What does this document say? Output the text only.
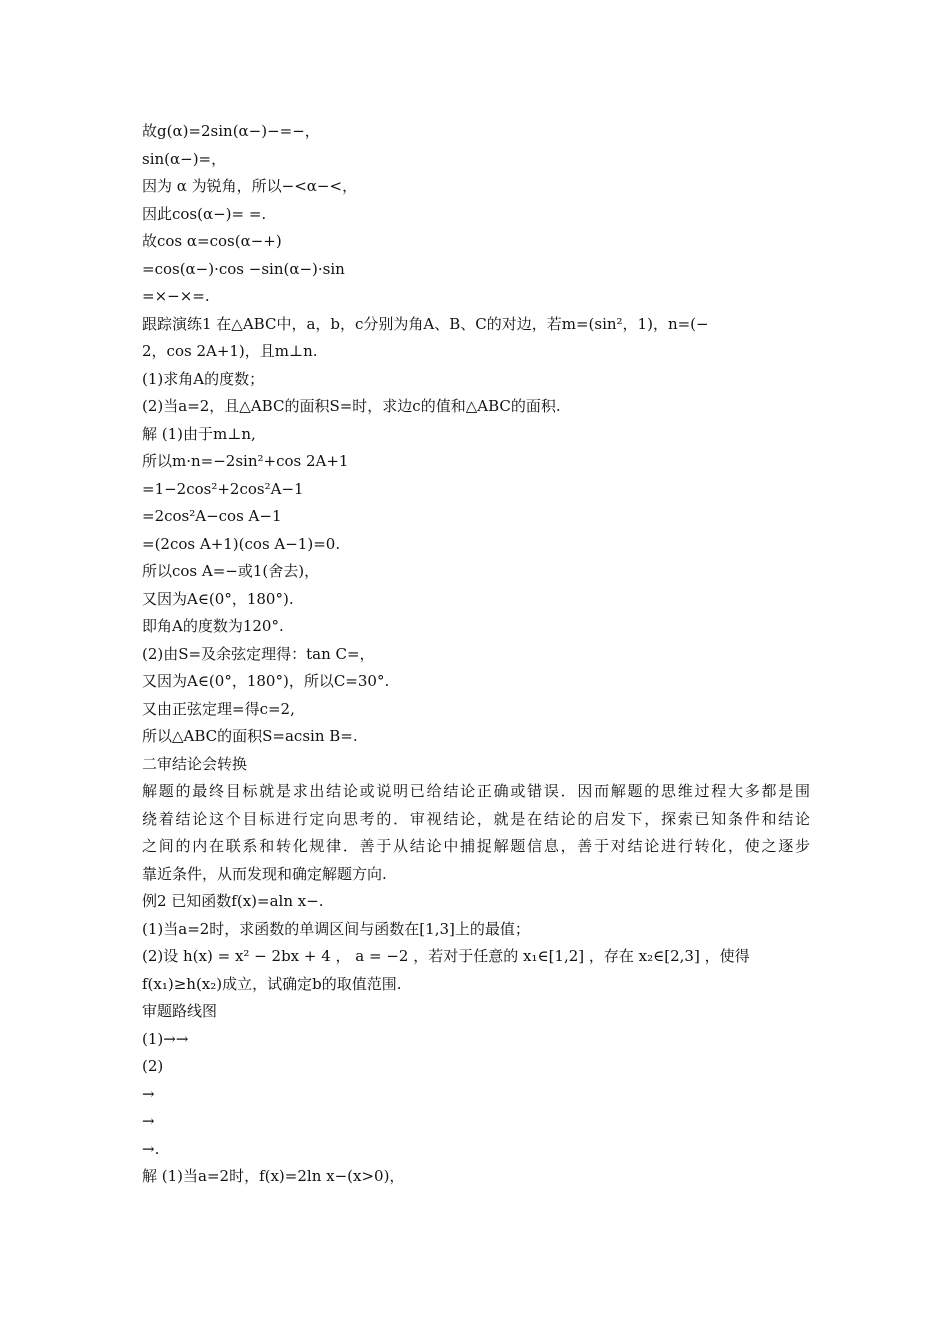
故g(α)=2sin(α−)−=−，
sin(α−)=，
因为 α 为锐角，所以−<α−<，
因此cos(α−)= =.
故cos α=cos(α−+)
=cos(α−)·cos −sin(α−)·sin
=×−×=.
跟踪演练1 在△ABC中，a，b，c分别为角A、B、C的对边，若m=(sin²，1)，n=(−
2，cos 2A+1)，且m⊥n.
(1)求角A的度数；
(2)当a=2，且△ABC的面积S=时，求边c的值和△ABC的面积.
解 (1)由于m⊥n,
所以m·n=−2sin²+cos 2A+1
=1−2cos²+2cos²A−1
=2cos²A−cos A−1
=(2cos A+1)(cos A−1)=0.
所以cos A=−或1(舍去)，
又因为A∈(0°，180°).
即角A的度数为120°.
(2)由S=及余弦定理得：tan C=，
又因为A∈(0°，180°)，所以C=30°.
又由正弦定理=得c=2,
所以△ABC的面积S=acsin B=.
二审结论会转换
解题的最终目标就是求出结论或说明已给结论正确或错误．因而解题的思维过程大多都是围
绕着结论这个目标进行定向思考的．审视结论，就是在结论的启发下，探索已知条件和结论
之间的内在联系和转化规律．善于从结论中捕捉解题信息，善于对结论进行转化，使之逐步
靠近条件，从而发现和确定解题方向.
例2 已知函数f(x)=aln x−.
(1)当a=2时，求函数的单调区间与函数在[1,3]上的最值；
(2)设 h(x) = x² − 2bx + 4 ， a = −2 ，若对于任意的 x₁∈[1,2] ，存在 x₂∈[2,3] ，使得
f(x₁)≥h(x₂)成立，试确定b的取值范围.
审题路线图
(1)→→
(2)
→
→
→.
解 (1)当a=2时，f(x)=2ln x−(x>0)，
